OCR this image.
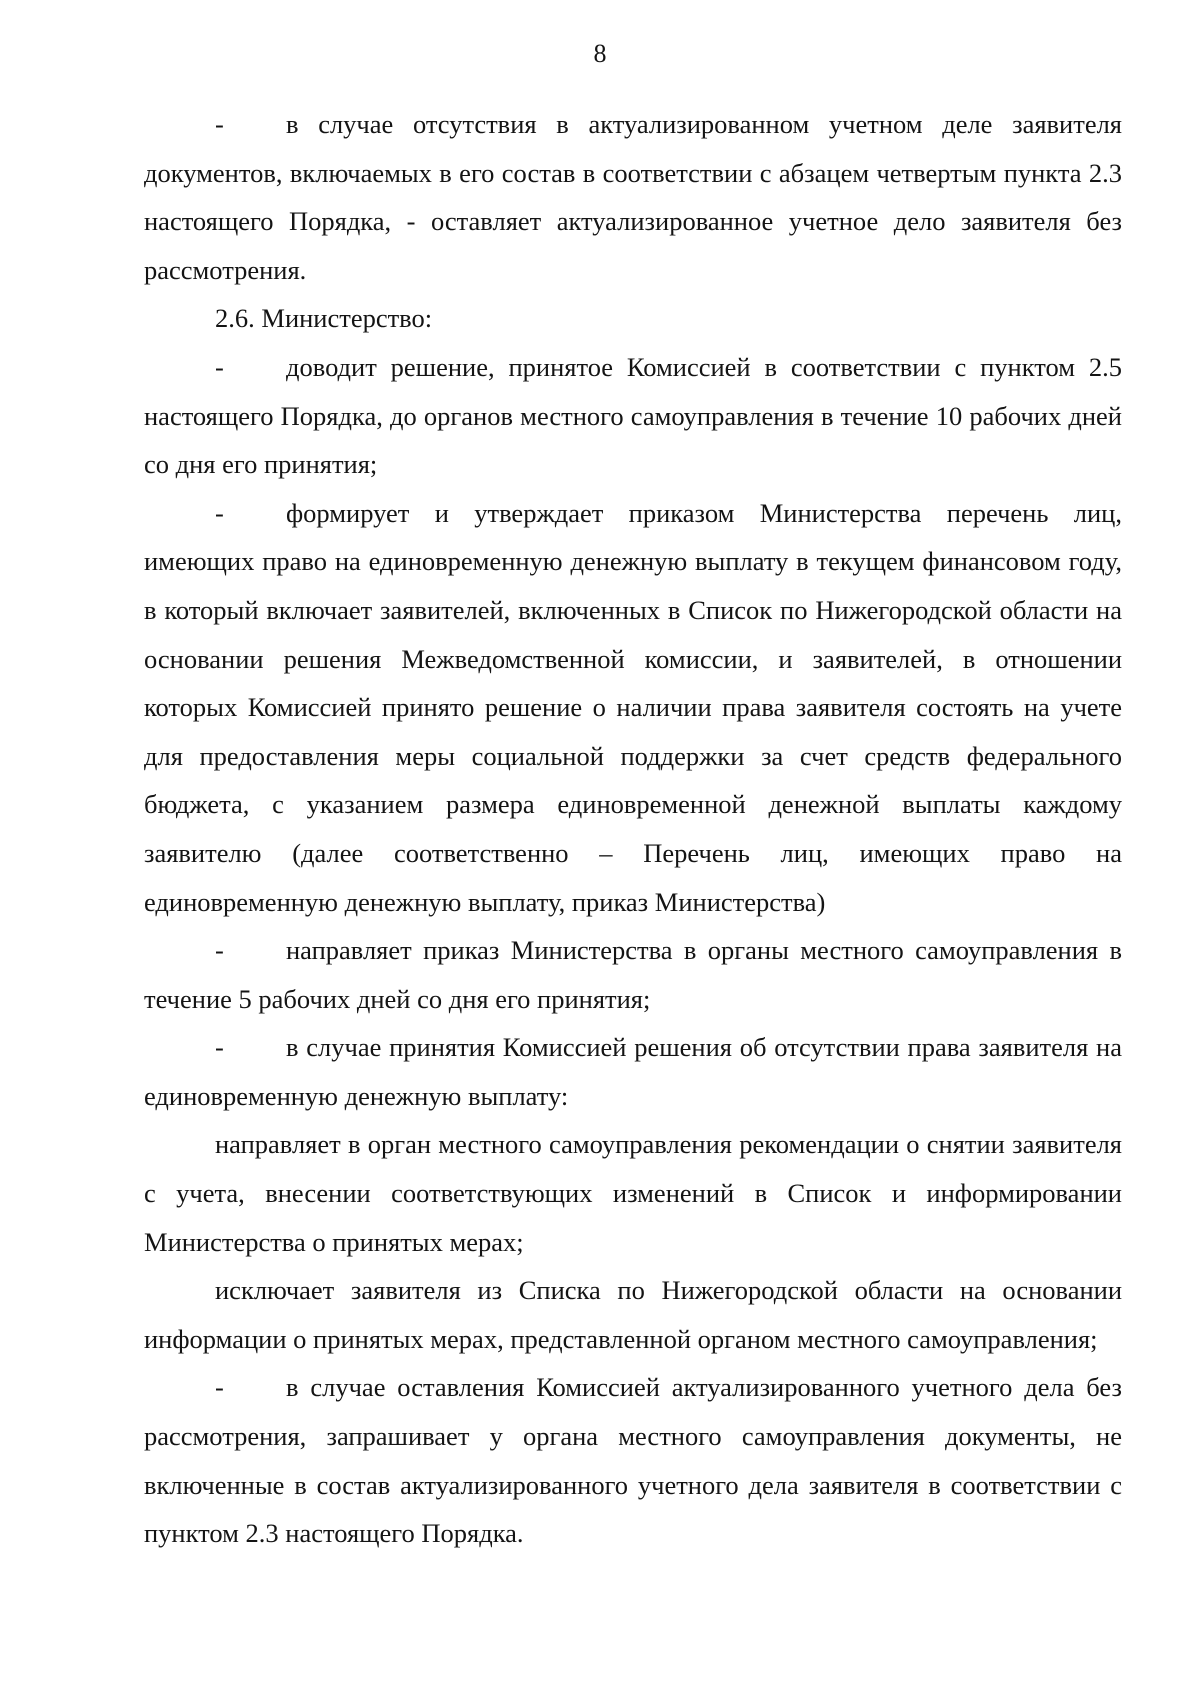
8

- в случае отсутствия в актуализированном учетном деле заявителя документов, включаемых в его состав в соответствии с абзацем четвертым пункта 2.3 настоящего Порядка, - оставляет актуализированное учетное дело заявителя без рассмотрения.

2.6. Министерство:

- доводит решение, принятое Комиссией в соответствии с пунктом 2.5 настоящего Порядка, до органов местного самоуправления в течение 10 рабочих дней со дня его принятия;

- формирует и утверждает приказом Министерства перечень лиц, имеющих право на единовременную денежную выплату в текущем финансовом году, в который включает заявителей, включенных в Список по Нижегородской области на основании решения Межведомственной комиссии, и заявителей, в отношении которых Комиссией принято решение о наличии права заявителя состоять на учете для предоставления меры социальной поддержки за счет средств федерального бюджета, с указанием размера единовременной денежной выплаты каждому заявителю (далее соответственно – Перечень лиц, имеющих право на единовременную денежную выплату, приказ Министерства)

- направляет приказ Министерства в органы местного самоуправления в течение 5 рабочих дней со дня его принятия;

- в случае принятия Комиссией решения об отсутствии права заявителя на единовременную денежную выплату:

направляет в орган местного самоуправления рекомендации о снятии заявителя с учета, внесении соответствующих изменений в Список и информировании Министерства о принятых мерах;

исключает заявителя из Списка по Нижегородской области на основании информации о принятых мерах, представленной органом местного самоуправления;

- в случае оставления Комиссией актуализированного учетного дела без рассмотрения, запрашивает у органа местного самоуправления документы, не включенные в состав актуализированного учетного дела заявителя в соответствии с пунктом 2.3 настоящего Порядка.
